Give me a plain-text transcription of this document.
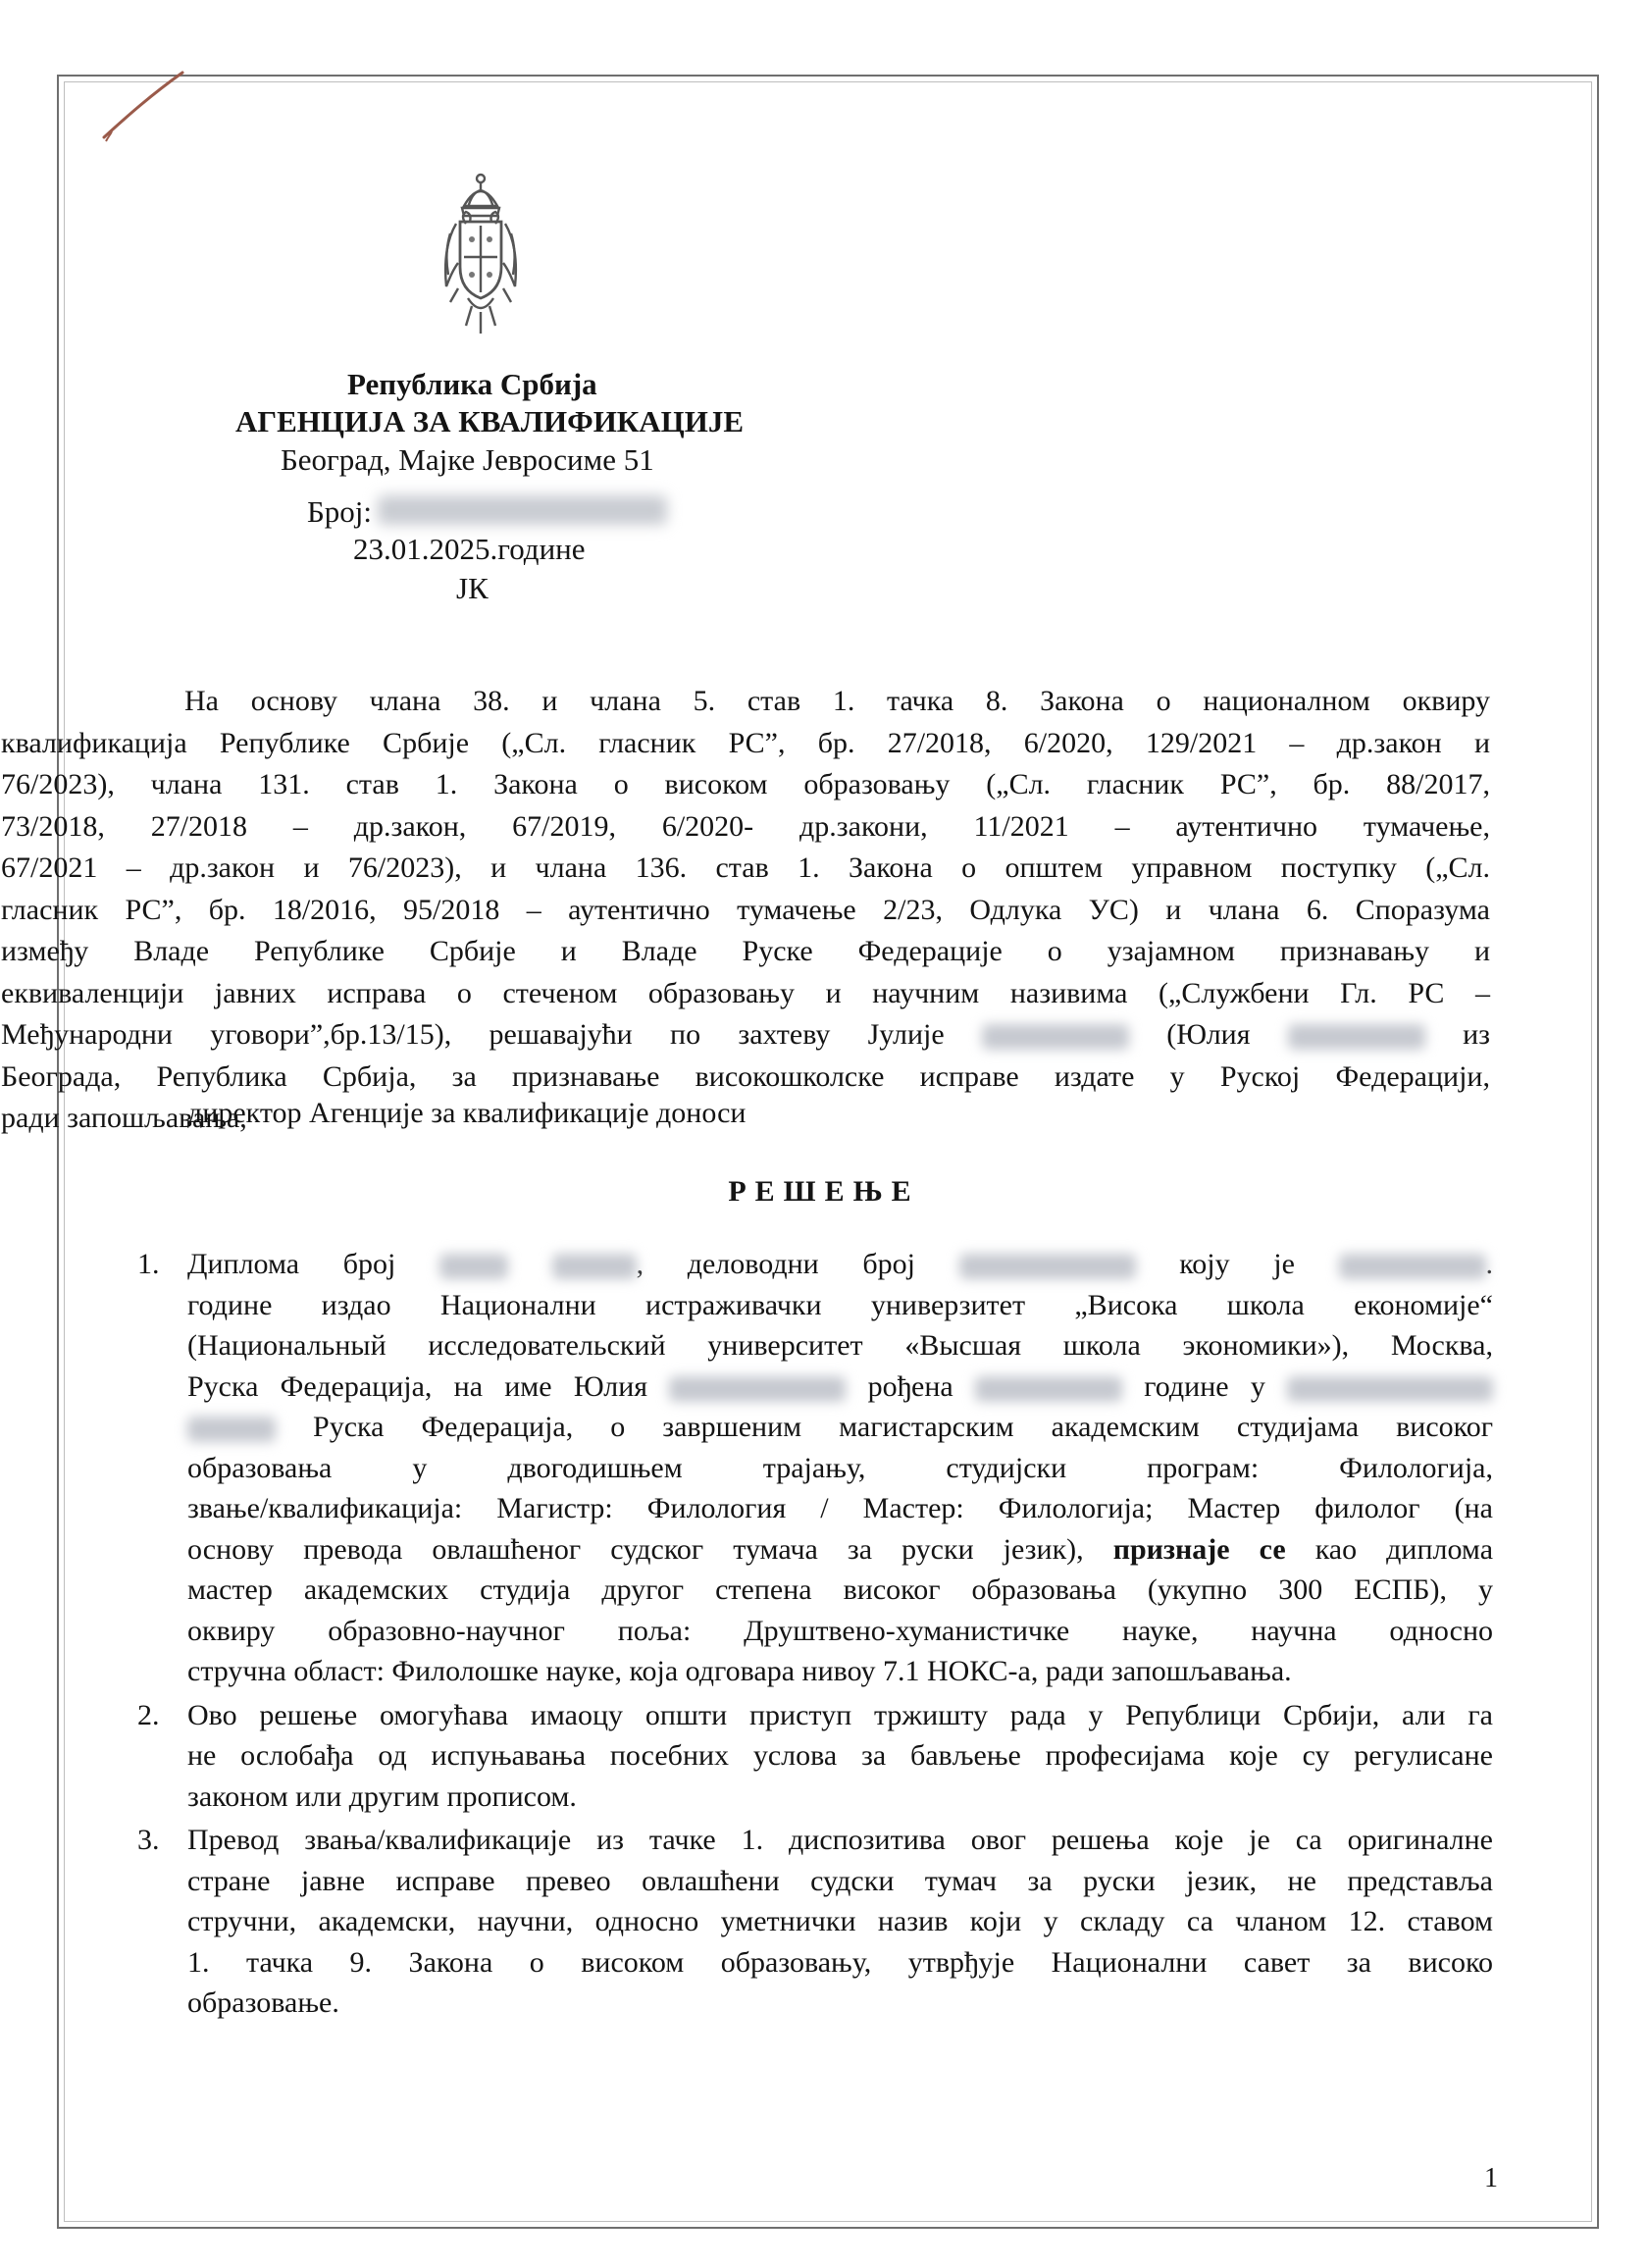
Република Србија
АГЕНЦИЈА ЗА КВАЛИФИКАЦИЈЕ
Београд, Мајке Јевросиме 51
Број:
23.01.2025.године
ЈК
На основу члана 38. и члана 5. став 1. тачка 8. Закона о националном оквиру
квалификација Републике Србије („Сл. гласник РС”, бр. 27/2018, 6/2020, 129/2021 – др.закон и
76/2023), члана 131. став 1. Закона о високом образовању („Сл. гласник РС”, бр. 88/2017,
73/2018, 27/2018 – др.закон, 67/2019, 6/2020- др.закони, 11/2021 – аутентично тумачење,
67/2021 – др.закон и 76/2023), и члана 136. став 1. Закона о општем управном поступку („Сл.
гласник РС”, бр. 18/2016, 95/2018 – аутентично тумачење 2/23, Одлука УС) и члана 6. Споразума
између Владе Републике Србије и Владе Руске Федерације о узајамном признавању и
еквиваленцији јавних исправа о стеченом образовању и научним називима („Службени Гл. РС –
Међународни уговори”,бр.13/15), решавајући по захтеву Јулије	(Юлия	из
Београда, Република Србија, за признавање високошколске исправе издате у Руској Федерацији,
ради запошљавања,
директор Агенције за квалификације доноси
РЕШЕЊЕ
1. Диплома број	, деловодни број	коју је	.
године издао Национални истраживачки универзитет „Висока школа економије“
(Национальный исследовательский университет «Высшая школа экономики»), Москва,
Руска Федерација, на име Юлия	рођена	године у
Руска Федерација, о завршеним магистарским академским студијама високог
образовања у двогодишњем трајању, студијски програм: Филологија,
звање/квалификација: Магистр: Филология / Мастер: Филологија; Мастер филолог (на
основу превода овлашћеног судског тумача за руски језик), признаје се као диплома
мастер академских студија другог степена високог образовања (укупно 300 ЕСПБ), у
оквиру образовно-научног поља: Друштвено-хуманистичке науке, научна односно
стручна област: Филолошке науке, која одговара нивоу 7.1 НОКС-а, ради запошљавања.
2. Ово решење омогућава имаоцу општи приступ тржишту рада у Републици Србији, али га
не ослобађа од испуњавања посебних услова за бављење професијама које су регулисане
законом или другим прописом.
3. Превод звања/квалификације из тачке 1. диспозитива овог решења које је са оригиналне
стране јавне исправе превео овлашћени судски тумач за руски језик, не представља
стручни, академски, научни, односно уметнички назив који у складу са чланом 12. ставом
1. тачка 9. Закона о високом образовању, утврђује Национални савет за високо
образовање.
1
